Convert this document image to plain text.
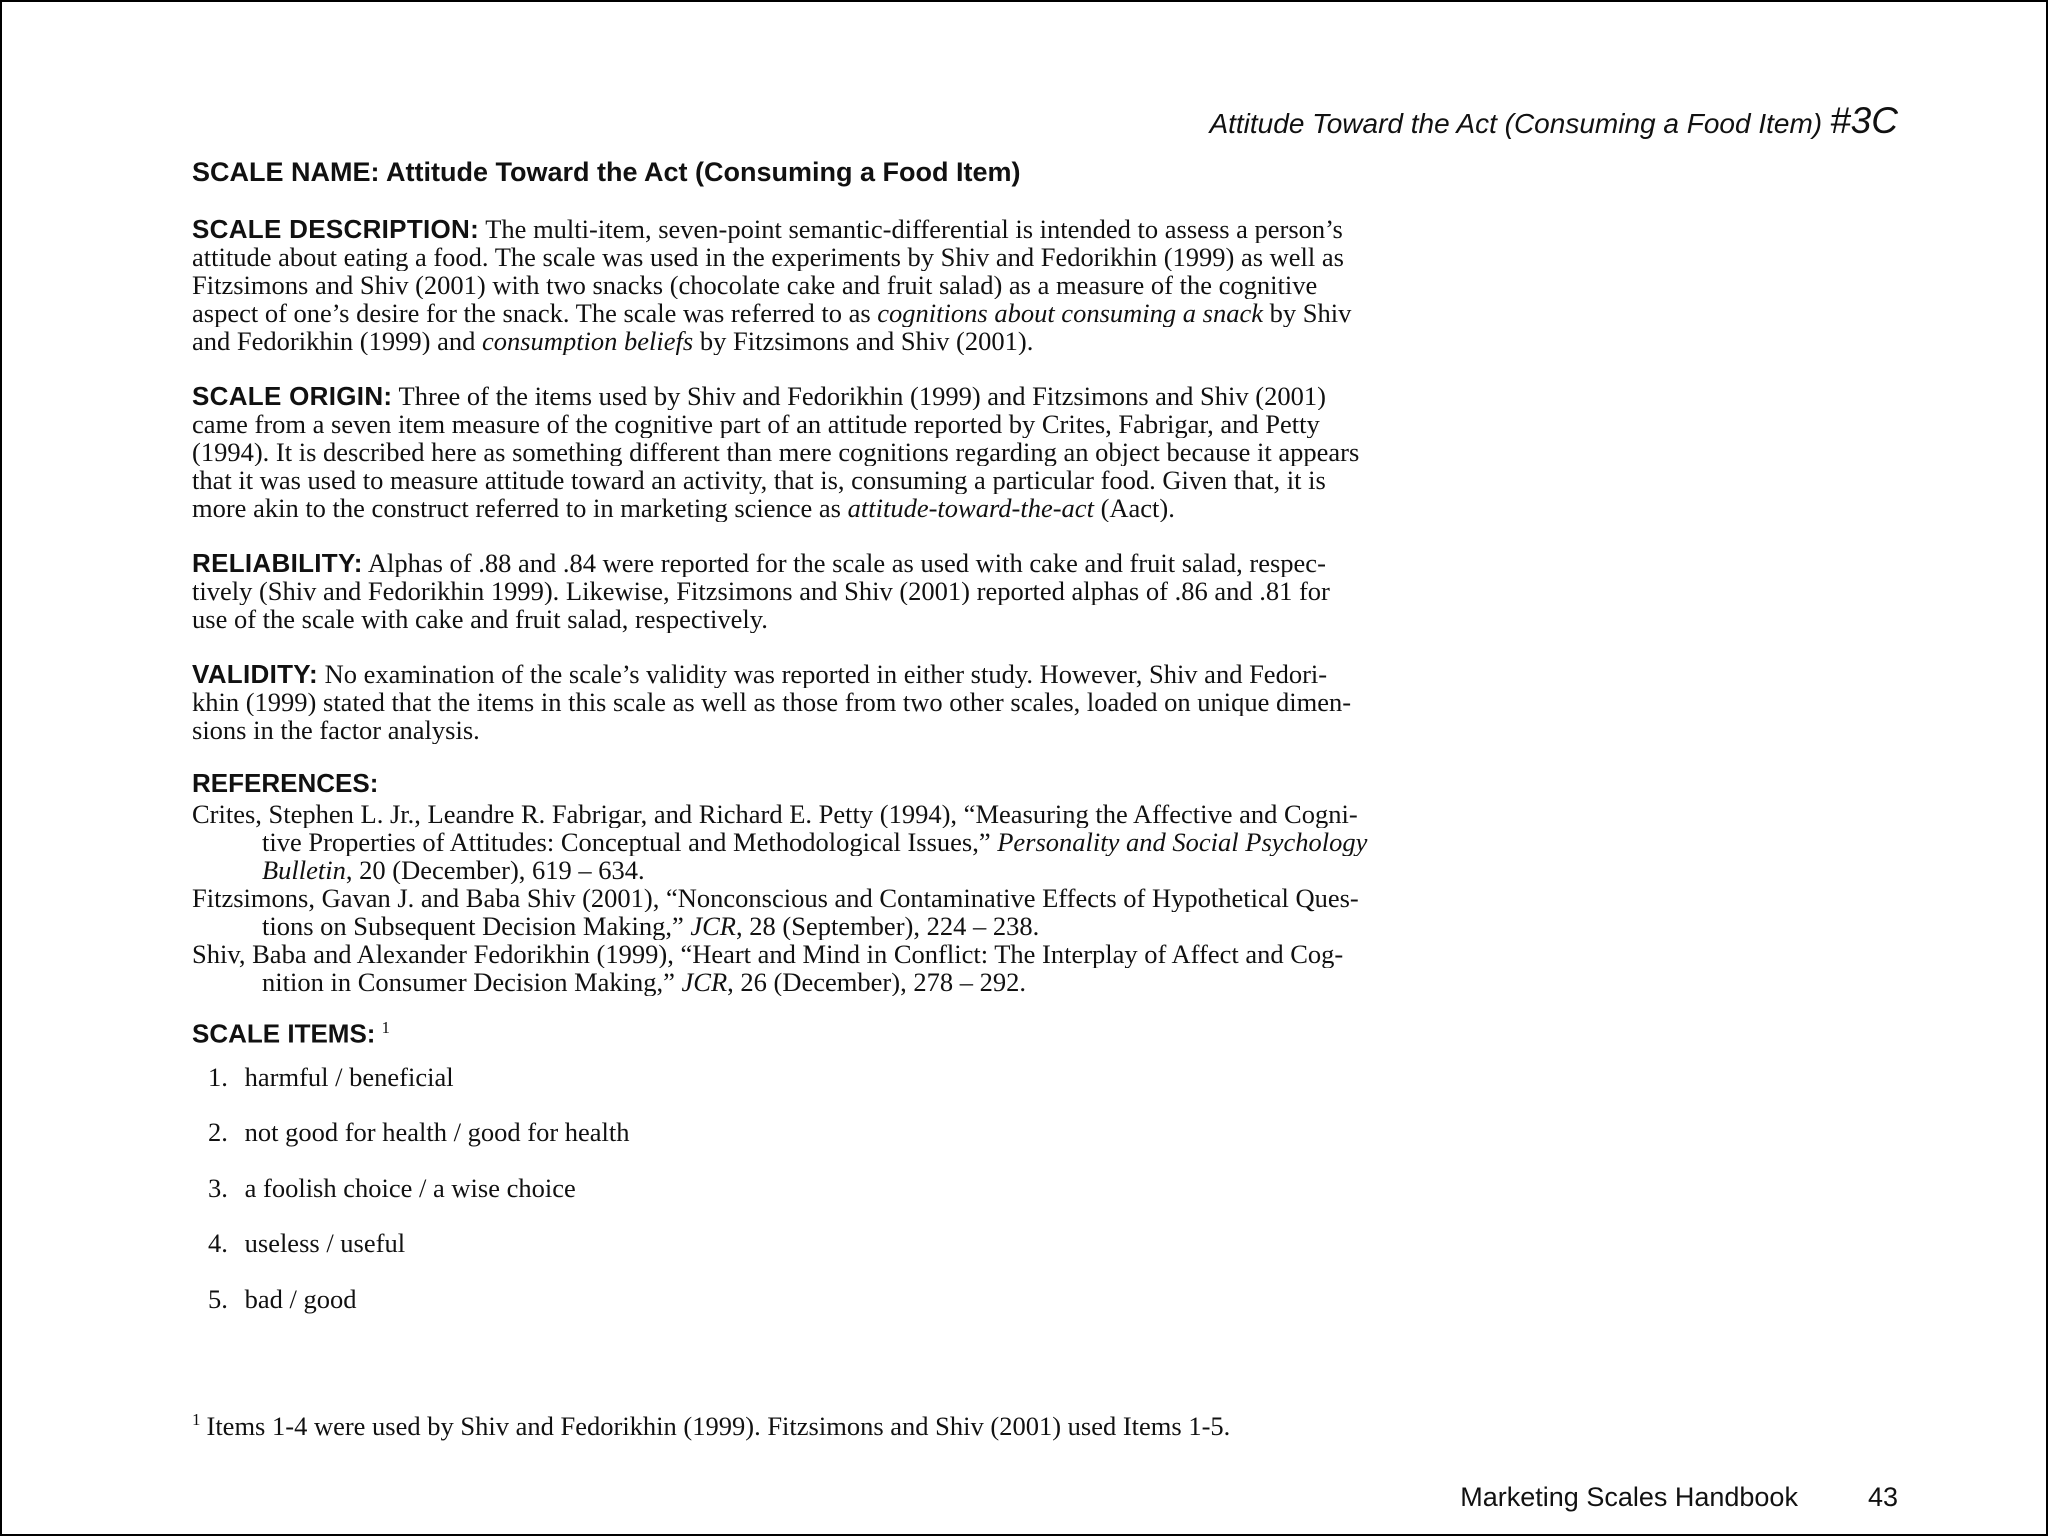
Attitude Toward the Act (Consuming a Food Item) #3C
SCALE NAME: Attitude Toward the Act (Consuming a Food Item)
SCALE DESCRIPTION: The multi-item, seven-point semantic-differential is intended to assess a person’s
attitude about eating a food. The scale was used in the experiments by Shiv and Fedorikhin (1999) as well as
Fitzsimons and Shiv (2001) with two snacks (chocolate cake and fruit salad) as a measure of the cognitive
aspect of one’s desire for the snack. The scale was referred to as cognitions about consuming a snack by Shiv
and Fedorikhin (1999) and consumption beliefs by Fitzsimons and Shiv (2001).
SCALE ORIGIN: Three of the items used by Shiv and Fedorikhin (1999) and Fitzsimons and Shiv (2001)
came from a seven item measure of the cognitive part of an attitude reported by Crites, Fabrigar, and Petty
(1994). It is described here as something different than mere cognitions regarding an object because it appears
that it was used to measure attitude toward an activity, that is, consuming a particular food. Given that, it is
more akin to the construct referred to in marketing science as attitude-toward-the-act (Aact).
RELIABILITY: Alphas of .88 and .84 were reported for the scale as used with cake and fruit salad, respec-
tively (Shiv and Fedorikhin 1999). Likewise, Fitzsimons and Shiv (2001) reported alphas of .86 and .81 for
use of the scale with cake and fruit salad, respectively.
VALIDITY: No examination of the scale’s validity was reported in either study. However, Shiv and Fedori-
khin (1999) stated that the items in this scale as well as those from two other scales, loaded on unique dimen-
sions in the factor analysis.
REFERENCES:
Crites, Stephen L. Jr., Leandre R. Fabrigar, and Richard E. Petty (1994), “Measuring the Affective and Cogni-
tive Properties of Attitudes: Conceptual and Methodological Issues,” Personality and Social Psychology
Bulletin, 20 (December), 619 – 634.
Fitzsimons, Gavan J. and Baba Shiv (2001), “Nonconscious and Contaminative Effects of Hypothetical Ques-
tions on Subsequent Decision Making,” JCR, 28 (September), 224 – 238.
Shiv, Baba and Alexander Fedorikhin (1999), “Heart and Mind in Conflict: The Interplay of Affect and Cog-
nition in Consumer Decision Making,” JCR, 26 (December), 278 – 292.
SCALE ITEMS: $^1$
1. harmful / beneficial
2. not good for health / good for health
3. a foolish choice / a wise choice
4. useless / useful
5. bad / good
$^1$ Items 1-4 were used by Shiv and Fedorikhin (1999). Fitzsimons and Shiv (2001) used Items 1-5.
Marketing Scales Handbook	43
